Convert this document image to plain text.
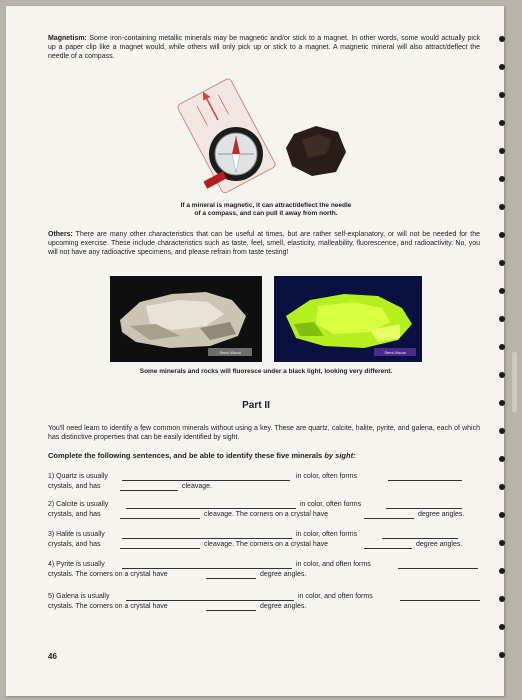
Magnetism: Some iron-containing metallic minerals may be magnetic and/or stick to a magnet. In other words, some would actually pick up a paper clip like a magnet would, while others will only pick up or stick to a magnet. A magnetic mineral will also attract/deflect the needle of a compass.
If a mineral is magnetic, it can attract/deflect the needle
of a compass, and can pull it away from north.
Others: There are many other characteristics that can be useful at times, but are rather self-explanatory, or will not be needed for the upcoming exercise. These include characteristics such as taste, feel, smell, elasticity, malleability, fluorescence, and radioactivity. No, you will not have any radioactive specimens, and please refrain from taste testing!
Semi-Visual	Semi-Visual
Some minerals and rocks will fluoresce under a black light, looking very different.
Part II
You'll need learn to identify a few common minerals without using a key. These are quartz, calcite, halite, pyrite, and galena, each of which has distinctive properties that can be easily identified by sight.
Complete the following sentences, and be able to identify these five minerals by sight:
1) Quartz is usually	in color, often forms
crystals, and has	cleavage.
2) Calcite is usually	in color, often forms
crystals, and has	cleavage. The corners on a crystal have	degree angles.
3) Halite is usually	in color, often forms
crystals, and has	cleavage. The corners on a crystal have	degree angles.
4) Pyrite is usually	in color, and often forms
crystals. The corners on a crystal have	degree angles.
5) Galena is usually	in color, and often forms
crystals. The corners on a crystal have	degree angles.
46
